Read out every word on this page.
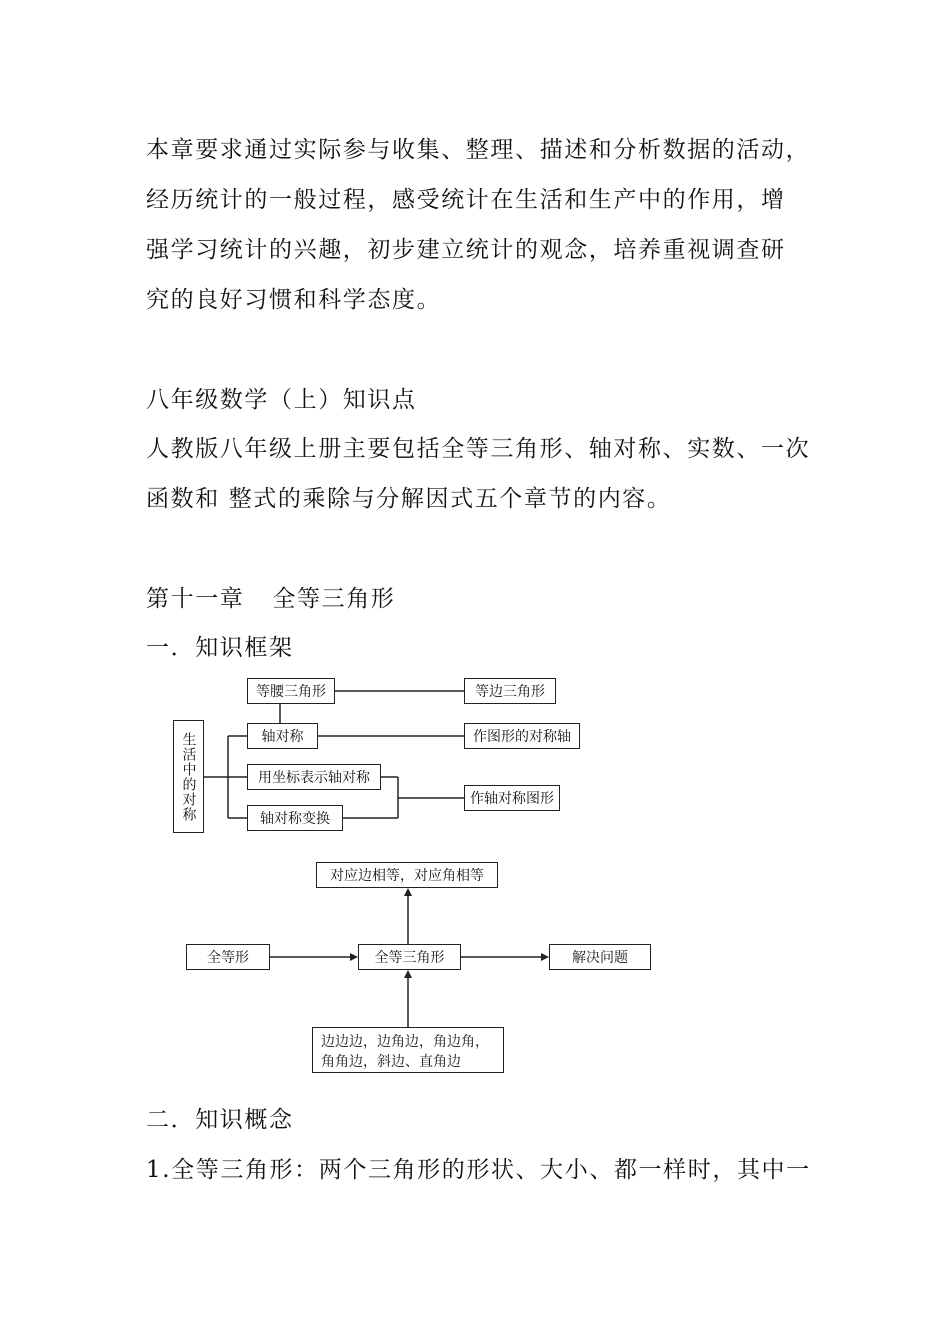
本章要求通过实际参与收集、整理、描述和分析数据的活动，
经历统计的一般过程，感受统计在生活和生产中的作用，增
强学习统计的兴趣，初步建立统计的观念，培养重视调查研
究的良好习惯和科学态度。
八年级数学（上）知识点
人教版八年级上册主要包括全等三角形、轴对称、实数、一次
函数和 整式的乘除与分解因式五个章节的内容。
第十一章 全等三角形
一．知识框架
生活中的对称
等腰三角形
轴对称
用坐标表示轴对称
轴对称变换
等边三角形
作图形的对称轴
作轴对称图形
对应边相等，对应角相等
全等形	全等三角形	解决问题
边边边，边角边，角边角，
角角边，斜边、直角边
二．知识概念
1.全等三角形：两个三角形的形状、大小、都一样时，其中一
